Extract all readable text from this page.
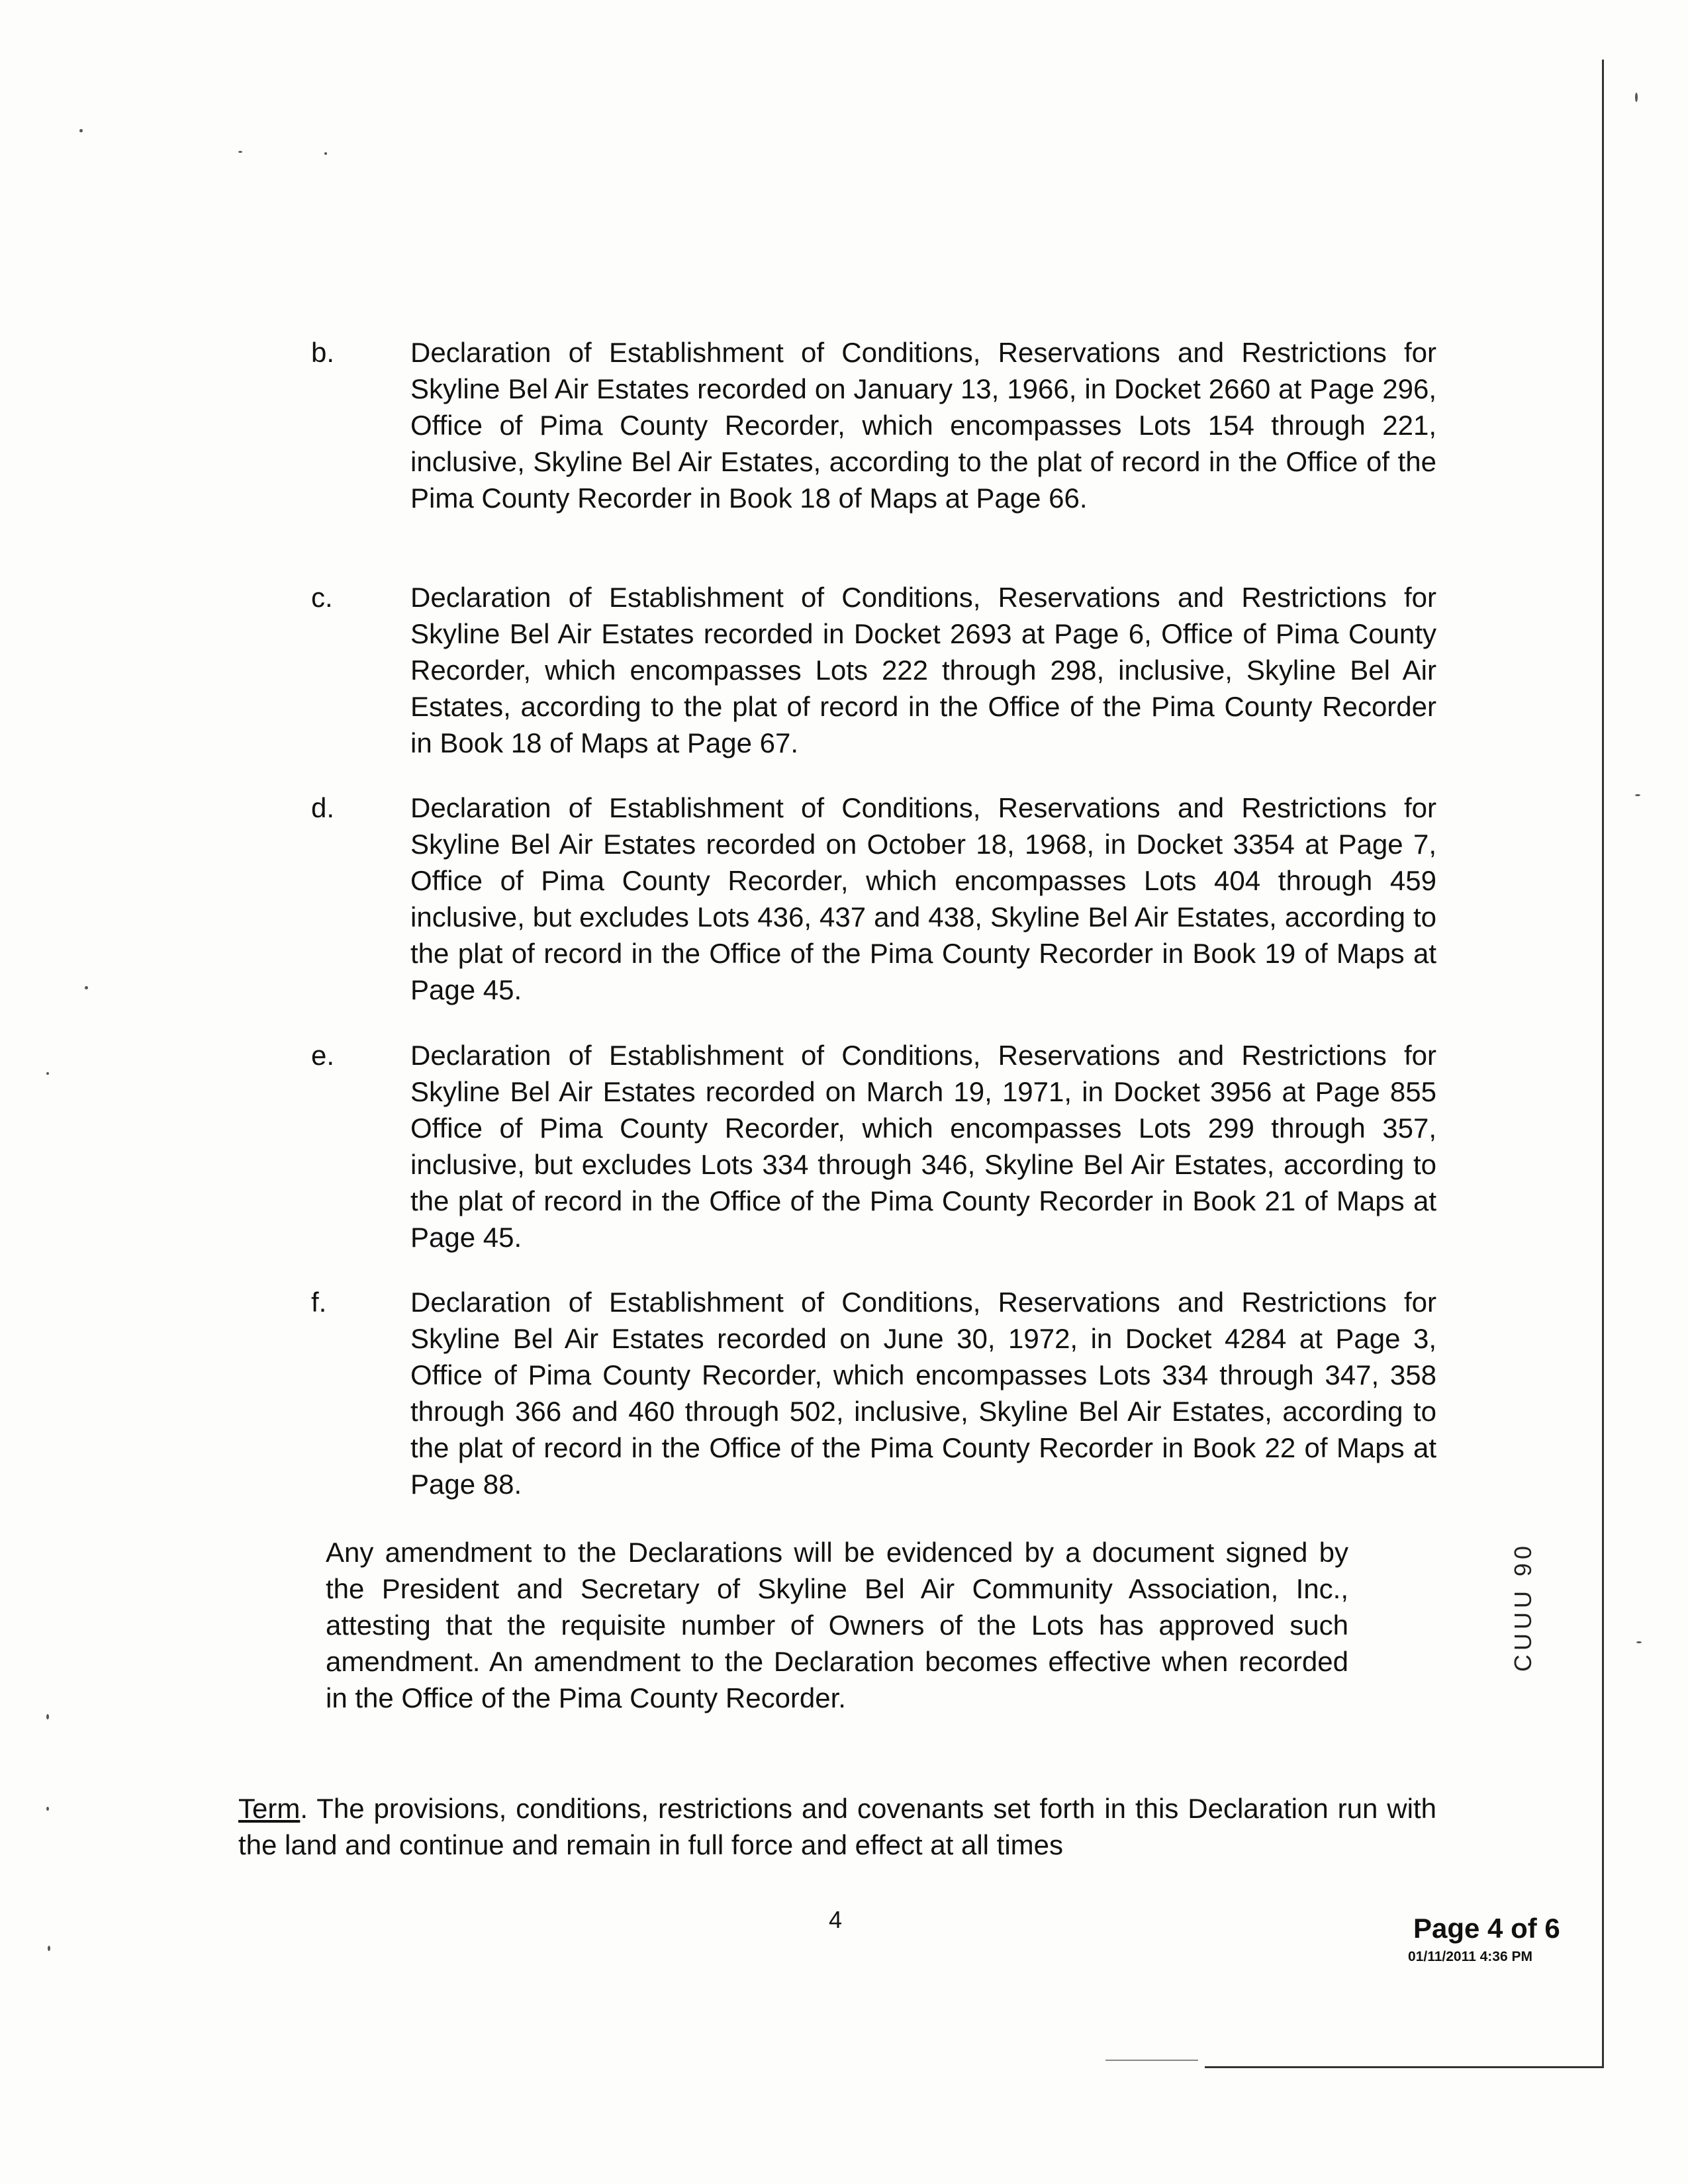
b.	Declaration of Establishment of Conditions, Reservations and Restrictions for Skyline Bel Air Estates recorded on January 13, 1966, in Docket 2660 at Page 296, Office of Pima County Recorder, which encompasses Lots 154 through 221, inclusive, Skyline Bel Air Estates, according to the plat of record in the Office of the Pima County Recorder in Book 18 of Maps at Page 66.
c.	Declaration of Establishment of Conditions, Reservations and Restrictions for Skyline Bel Air Estates recorded in Docket 2693 at Page 6, Office of Pima County Recorder, which encompasses Lots 222 through 298, inclusive, Skyline Bel Air Estates, according to the plat of record in the Office of the Pima County Recorder in Book 18 of Maps at Page 67.
d.	Declaration of Establishment of Conditions, Reservations and Restrictions for Skyline Bel Air Estates recorded on October 18, 1968, in Docket 3354 at Page 7, Office of Pima County Recorder, which encompasses Lots 404 through 459 inclusive, but excludes Lots 436, 437 and 438, Skyline Bel Air Estates, according to the plat of record in the Office of the Pima County Recorder in Book 19 of Maps at Page 45.
e.	Declaration of Establishment of Conditions, Reservations and Restrictions for Skyline Bel Air Estates recorded on March 19, 1971, in Docket 3956 at Page 855 Office of Pima County Recorder, which encompasses Lots 299 through 357, inclusive, but excludes Lots 334 through 346, Skyline Bel Air Estates, according to the plat of record in the Office of the Pima County Recorder in Book 21 of Maps at Page 45.
f.	Declaration of Establishment of Conditions, Reservations and Restrictions for Skyline Bel Air Estates recorded on June 30, 1972, in Docket 4284 at Page 3, Office of Pima County Recorder, which encompasses Lots 334 through 347, 358 through 366 and 460 through 502, inclusive, Skyline Bel Air Estates, according to the plat of record in the Office of the Pima County Recorder in Book 22 of Maps at Page 88.
Any amendment to the Declarations will be evidenced by a document signed by the President and Secretary of Skyline Bel Air Community Association, Inc., attesting that the requisite number of Owners of the Lots has approved such amendment. An amendment to the Declaration becomes effective when recorded in the Office of the Pima County Recorder.
Term. The provisions, conditions, restrictions and covenants set forth in this Declaration run with the land and continue and remain in full force and effect at all times
4	Page 4 of 6
01/11/2011 4:36 PM
CUUU 90
